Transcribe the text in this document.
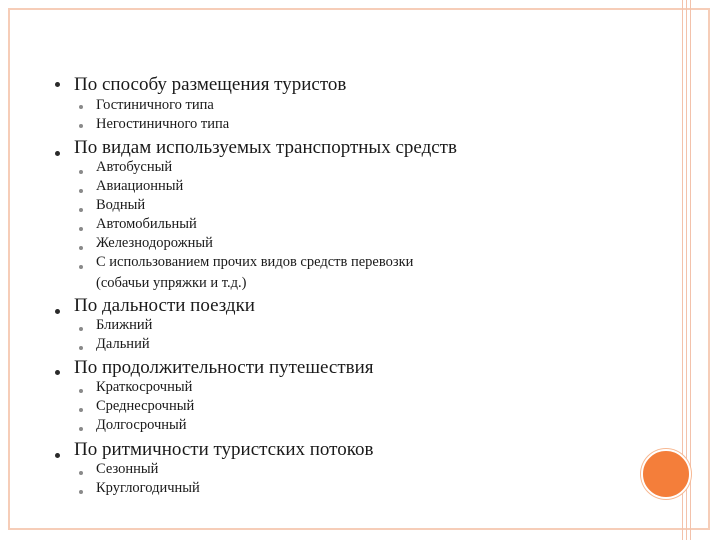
По способу размещения туристов
Гостиничного типа
Негостиничного типа
По видам используемых транспортных средств
Автобусный
Авиационный
Водный
Автомобильный
Железнодорожный
С использованием прочих видов средств перевозки
(собачьи упряжки и т.д.)
По дальности поездки
Ближний
Дальний
По продолжительности путешествия
Краткосрочный
Среднесрочный
Долгосрочный
По ритмичности туристских потоков
Сезонный
Круглогодичный
